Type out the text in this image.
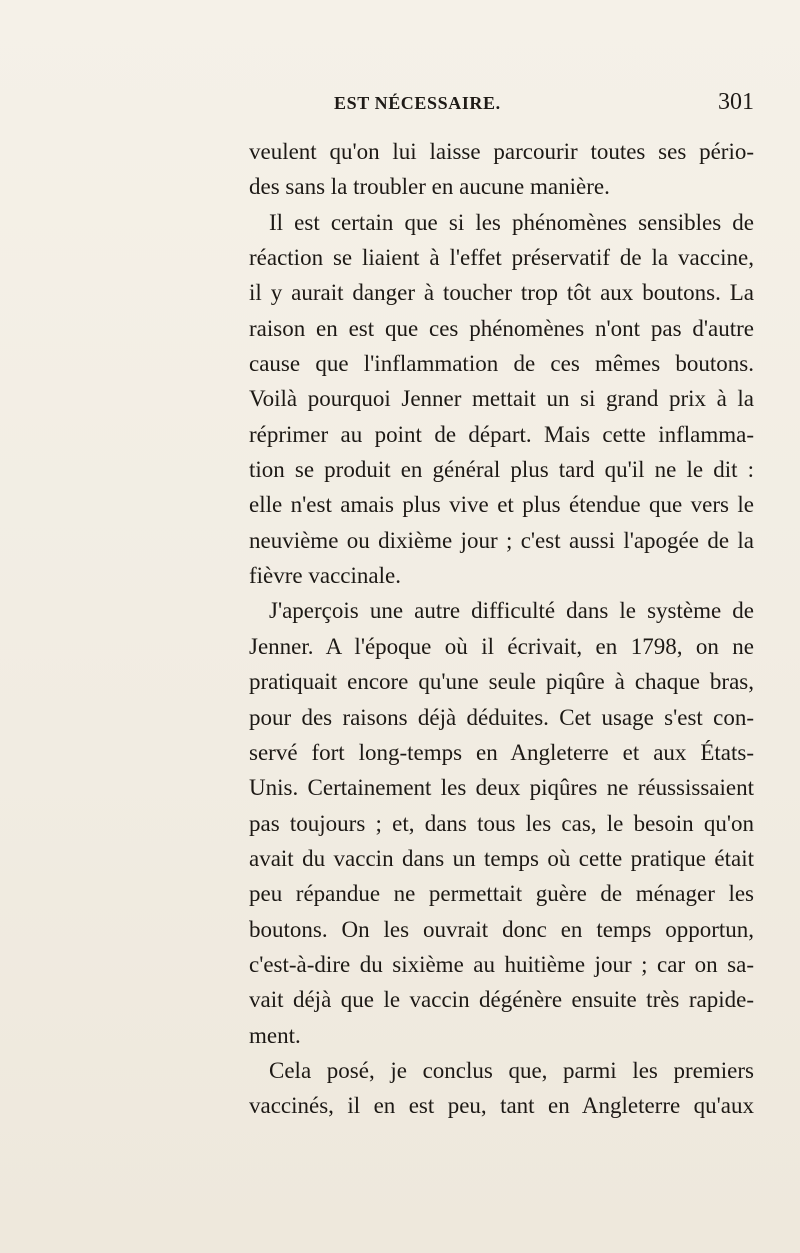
EST NÉCESSAIRE.	301
veulent qu'on lui laisse parcourir toutes ses pério-
des sans la troubler en aucune manière.
Il est certain que si les phénomènes sensibles de
réaction se liaient à l'effet préservatif de la vaccine,
il y aurait danger à toucher trop tôt aux boutons. La
raison en est que ces phénomènes n'ont pas d'autre
cause que l'inflammation de ces mêmes boutons.
Voilà pourquoi Jenner mettait un si grand prix à la
réprimer au point de départ. Mais cette inflamma-
tion se produit en général plus tard qu'il ne le dit :
elle n'est amais plus vive et plus étendue que vers le
neuvième ou dixième jour ; c'est aussi l'apogée de la
fièvre vaccinale.
J'aperçois une autre difficulté dans le système de
Jenner. A l'époque où il écrivait, en 1798, on ne
pratiquait encore qu'une seule piqûre à chaque bras,
pour des raisons déjà déduites. Cet usage s'est con-
servé fort long-temps en Angleterre et aux États-
Unis. Certainement les deux piqûres ne réussissaient
pas toujours ; et, dans tous les cas, le besoin qu'on
avait du vaccin dans un temps où cette pratique était
peu répandue ne permettait guère de ménager les
boutons. On les ouvrait donc en temps opportun,
c'est-à-dire du sixième au huitième jour ; car on sa-
vait déjà que le vaccin dégénère ensuite très rapide-
ment.
Cela posé, je conclus que, parmi les premiers
vaccinés, il en est peu, tant en Angleterre qu'aux
